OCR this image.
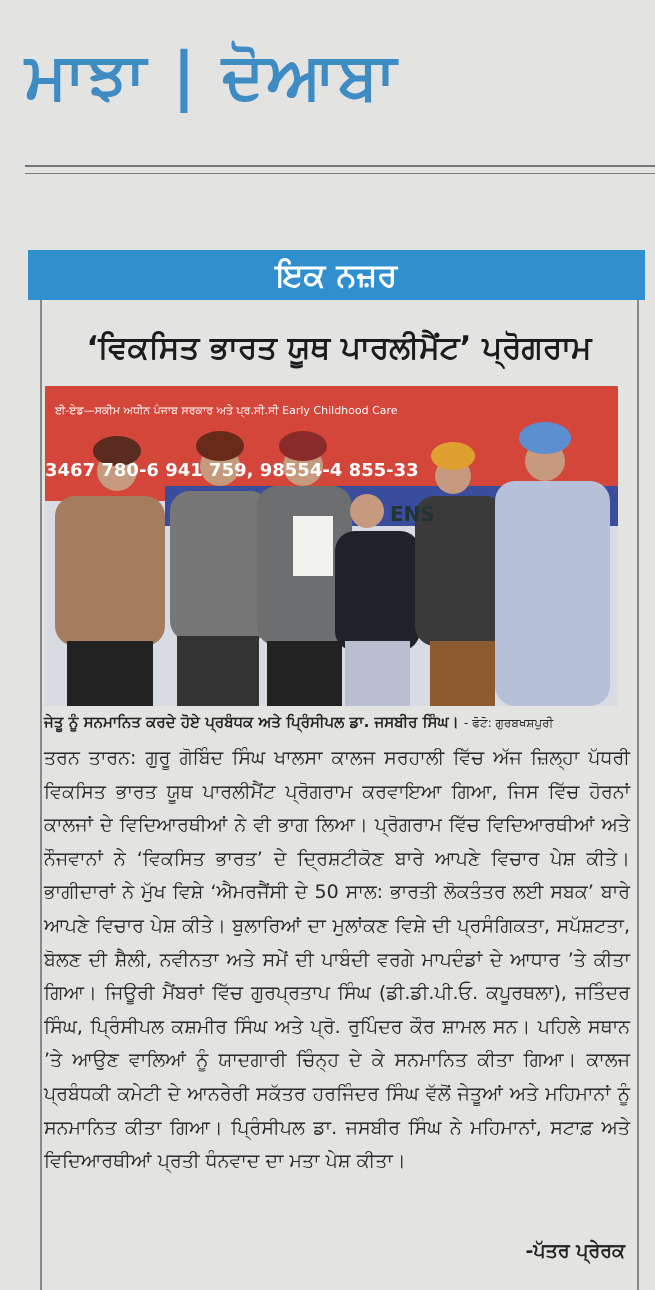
ਮਾਝਾ | ਦੋਆਬਾ
ਇਕ ਨਜ਼ਰ
‘ਵਿਕਸਿਤ ਭਾਰਤ ਯੂਥ ਪਾਰਲੀਮੈਂਟ’ ਪ੍ਰੋਗਰਾਮ
ਈ-ਏਡ—ਸਕੀਮ ਅਧੀਨ ਪੰਜਾਬ ਸਰਕਾਰ ਅਤੇ ਪ੍ਰ.ਸੀ.ਸੀ Early Childhood Care
3467 780-6 941 759, 98554-4 855-33
ENS
ਜੇਤੂ ਨੂੰ ਸਨਮਾਨਿਤ ਕਰਦੇ ਹੋਏ ਪ੍ਰਬੰਧਕ ਅਤੇ ਪ੍ਰਿੰਸੀਪਲ ਡਾ. ਜਸਬੀਰ ਸਿੰਘ। - ਫੋਟੋ: ਗੁਰਬਖਸ਼ਪੁਰੀ

ਤਰਨ ਤਾਰਨ: ਗੁਰੂ ਗੋਬਿੰਦ ਸਿੰਘ ਖਾਲਸਾ ਕਾਲਜ ਸਰਹਾਲੀ ਵਿੱਚ ਅੱਜ ਜ਼ਿਲ੍ਹਾ ਪੱਧਰੀ ਵਿਕਸਿਤ ਭਾਰਤ ਯੂਥ ਪਾਰਲੀਮੈਂਟ ਪ੍ਰੋਗਰਾਮ ਕਰਵਾਇਆ ਗਿਆ, ਜਿਸ ਵਿੱਚ ਹੋਰਨਾਂ ਕਾਲਜਾਂ ਦੇ ਵਿਦਿਆਰਥੀਆਂ ਨੇ ਵੀ ਭਾਗ ਲਿਆ। ਪ੍ਰੋਗਰਾਮ ਵਿੱਚ ਵਿਦਿਆਰਥੀਆਂ ਅਤੇ ਨੌਜਵਾਨਾਂ ਨੇ ‘ਵਿਕਸਿਤ ਭਾਰਤ’ ਦੇ ਦ੍ਰਿਸ਼ਟੀਕੋਣ ਬਾਰੇ ਆਪਣੇ ਵਿਚਾਰ ਪੇਸ਼ ਕੀਤੇ। ਭਾਗੀਦਾਰਾਂ ਨੇ ਮੁੱਖ ਵਿਸ਼ੇ ‘ਐਮਰਜੈਂਸੀ ਦੇ 50 ਸਾਲ: ਭਾਰਤੀ ਲੋਕਤੰਤਰ ਲਈ ਸਬਕ’ ਬਾਰੇ ਆਪਣੇ ਵਿਚਾਰ ਪੇਸ਼ ਕੀਤੇ। ਬੁਲਾਰਿਆਂ ਦਾ ਮੁਲਾਂਕਣ ਵਿਸ਼ੇ ਦੀ ਪ੍ਰਸੰਗਿਕਤਾ, ਸਪੱਸ਼ਟਤਾ, ਬੋਲਣ ਦੀ ਸ਼ੈਲੀ, ਨਵੀਨਤਾ ਅਤੇ ਸਮੇਂ ਦੀ ਪਾਬੰਦੀ ਵਰਗੇ ਮਾਪਦੰਡਾਂ ਦੇ ਆਧਾਰ ’ਤੇ ਕੀਤਾ ਗਿਆ। ਜਿਊਰੀ ਮੈਂਬਰਾਂ ਵਿੱਚ ਗੁਰਪ੍ਰਤਾਪ ਸਿੰਘ (ਡੀ.ਡੀ.ਪੀ.ਓ. ਕਪੂਰਥਲਾ), ਜਤਿੰਦਰ ਸਿੰਘ, ਪ੍ਰਿੰਸੀਪਲ ਕਸ਼ਮੀਰ ਸਿੰਘ ਅਤੇ ਪ੍ਰੋ. ਰੁਪਿੰਦਰ ਕੌਰ ਸ਼ਾਮਲ ਸਨ। ਪਹਿਲੇ ਸਥਾਨ ’ਤੇ ਆਉਣ ਵਾਲਿਆਂ ਨੂੰ ਯਾਦਗਾਰੀ ਚਿੰਨ੍ਹ ਦੇ ਕੇ ਸਨਮਾਨਿਤ ਕੀਤਾ ਗਿਆ। ਕਾਲਜ ਪ੍ਰਬੰਧਕੀ ਕਮੇਟੀ ਦੇ ਆਨਰੇਰੀ ਸਕੱਤਰ ਹਰਜਿੰਦਰ ਸਿੰਘ ਵੱਲੋਂ ਜੇਤੂਆਂ ਅਤੇ ਮਹਿਮਾਨਾਂ ਨੂੰ ਸਨਮਾਨਿਤ ਕੀਤਾ ਗਿਆ। ਪ੍ਰਿੰਸੀਪਲ ਡਾ. ਜਸਬੀਰ ਸਿੰਘ ਨੇ ਮਹਿਮਾਨਾਂ, ਸਟਾਫ਼ ਅਤੇ ਵਿਦਿਆਰਥੀਆਂ ਪ੍ਰਤੀ ਧੰਨਵਾਦ ਦਾ ਮਤਾ ਪੇਸ਼ ਕੀਤਾ।

-ਪੱਤਰ ਪ੍ਰੇਰਕ
